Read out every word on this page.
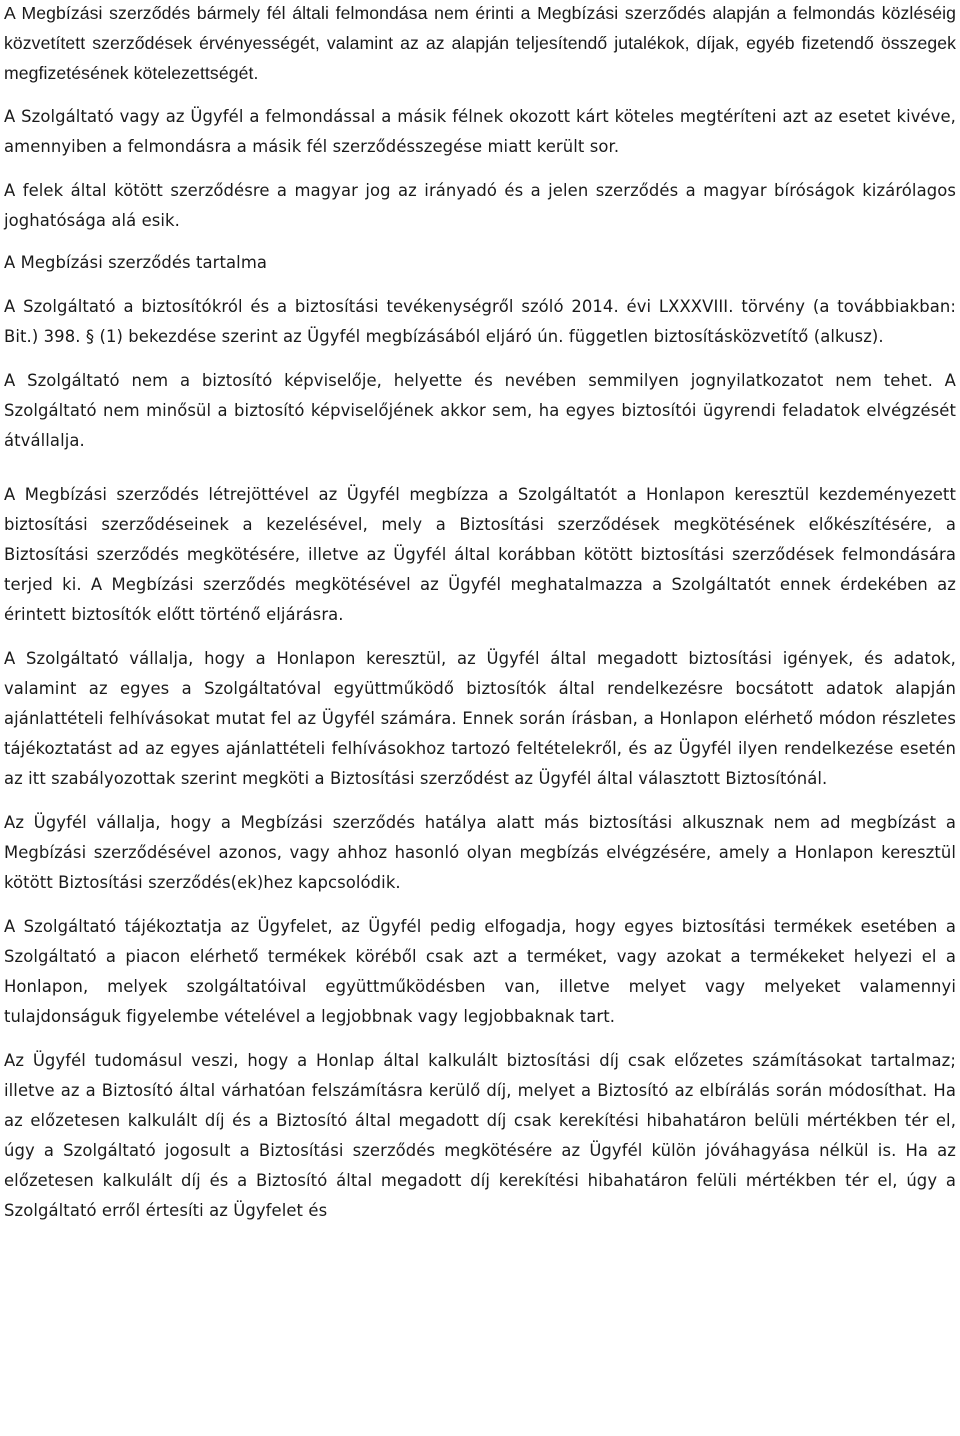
A Megbízási szerződés bármely fél általi felmondása nem érinti a Megbízási szerződés alapján a felmondás közléséig közvetített szerződések érvényességét, valamint az az alapján teljesítendő jutalékok, díjak, egyéb fizetendő összegek megfizetésének kötelezettségét.

A Szolgáltató vagy az Ügyfél a felmondással a másik félnek okozott kárt köteles megtéríteni azt az esetet kivéve, amennyiben a felmondásra a másik fél szerződésszegése miatt került sor.

A felek által kötött szerződésre a magyar jog az irányadó és a jelen szerződés a magyar bíróságok kizárólagos joghatósága alá esik.

A Megbízási szerződés tartalma

A Szolgáltató a biztosítókról és a biztosítási tevékenységről szóló 2014. évi LXXXVIII. törvény (a továbbiakban: Bit.) 398. § (1) bekezdése szerint az Ügyfél megbízásából eljáró ún. független biztosításközvetítő (alkusz).

A Szolgáltató nem a biztosító képviselője, helyette és nevében semmilyen jognyilatkozatot nem tehet. A Szolgáltató nem minősül a biztosító képviselőjének akkor sem, ha egyes biztosítói ügyrendi feladatok elvégzését átvállalja.

A Megbízási szerződés létrejöttével az Ügyfél megbízza a Szolgáltatót a Honlapon keresztül kezdeményezett biztosítási szerződéseinek a kezelésével, mely a Biztosítási szerződések megkötésének előkészítésére, a Biztosítási szerződés megkötésére, illetve az Ügyfél által korábban kötött biztosítási szerződések felmondására terjed ki. A Megbízási szerződés megkötésével az Ügyfél meghatalmazza a Szolgáltatót ennek érdekében az érintett biztosítók előtt történő eljárásra.

A Szolgáltató vállalja, hogy a Honlapon keresztül, az Ügyfél által megadott biztosítási igények, és adatok, valamint az egyes a Szolgáltatóval együttműködő biztosítók által rendelkezésre bocsátott adatok alapján ajánlattételi felhívásokat mutat fel az Ügyfél számára. Ennek során írásban, a Honlapon elérhető módon részletes tájékoztatást ad az egyes ajánlattételi felhívásokhoz tartozó feltételekről, és az Ügyfél ilyen rendelkezése esetén az itt szabályozottak szerint megköti a Biztosítási szerződést az Ügyfél által választott Biztosítónál.

Az Ügyfél vállalja, hogy a Megbízási szerződés hatálya alatt más biztosítási alkusznak nem ad megbízást a Megbízási szerződésével azonos, vagy ahhoz hasonló olyan megbízás elvégzésére, amely a Honlapon keresztül kötött Biztosítási szerződés(ek)hez kapcsolódik.

A Szolgáltató tájékoztatja az Ügyfelet, az Ügyfél pedig elfogadja, hogy egyes biztosítási termékek esetében a Szolgáltató a piacon elérhető termékek köréből csak azt a terméket, vagy azokat a termékeket helyezi el a Honlapon, melyek szolgáltatóival együttműködésben van, illetve melyet vagy melyeket valamennyi tulajdonságuk figyelembe vételével a legjobbnak vagy legjobbaknak tart.

Az Ügyfél tudomásul veszi, hogy a Honlap által kalkulált biztosítási díj csak előzetes számításokat tartalmaz; illetve az a Biztosító által várhatóan felszámításra kerülő díj, melyet a Biztosító az elbírálás során módosíthat. Ha az előzetesen kalkulált díj és a Biztosító által megadott díj csak kerekítési hibahatáron belüli mértékben tér el, úgy a Szolgáltató jogosult a Biztosítási szerződés megkötésére az Ügyfél külön jóváhagyása nélkül is. Ha az előzetesen kalkulált díj és a Biztosító által megadott díj kerekítési hibahatáron felüli mértékben tér el, úgy a Szolgáltató erről értesíti az Ügyfelet és
